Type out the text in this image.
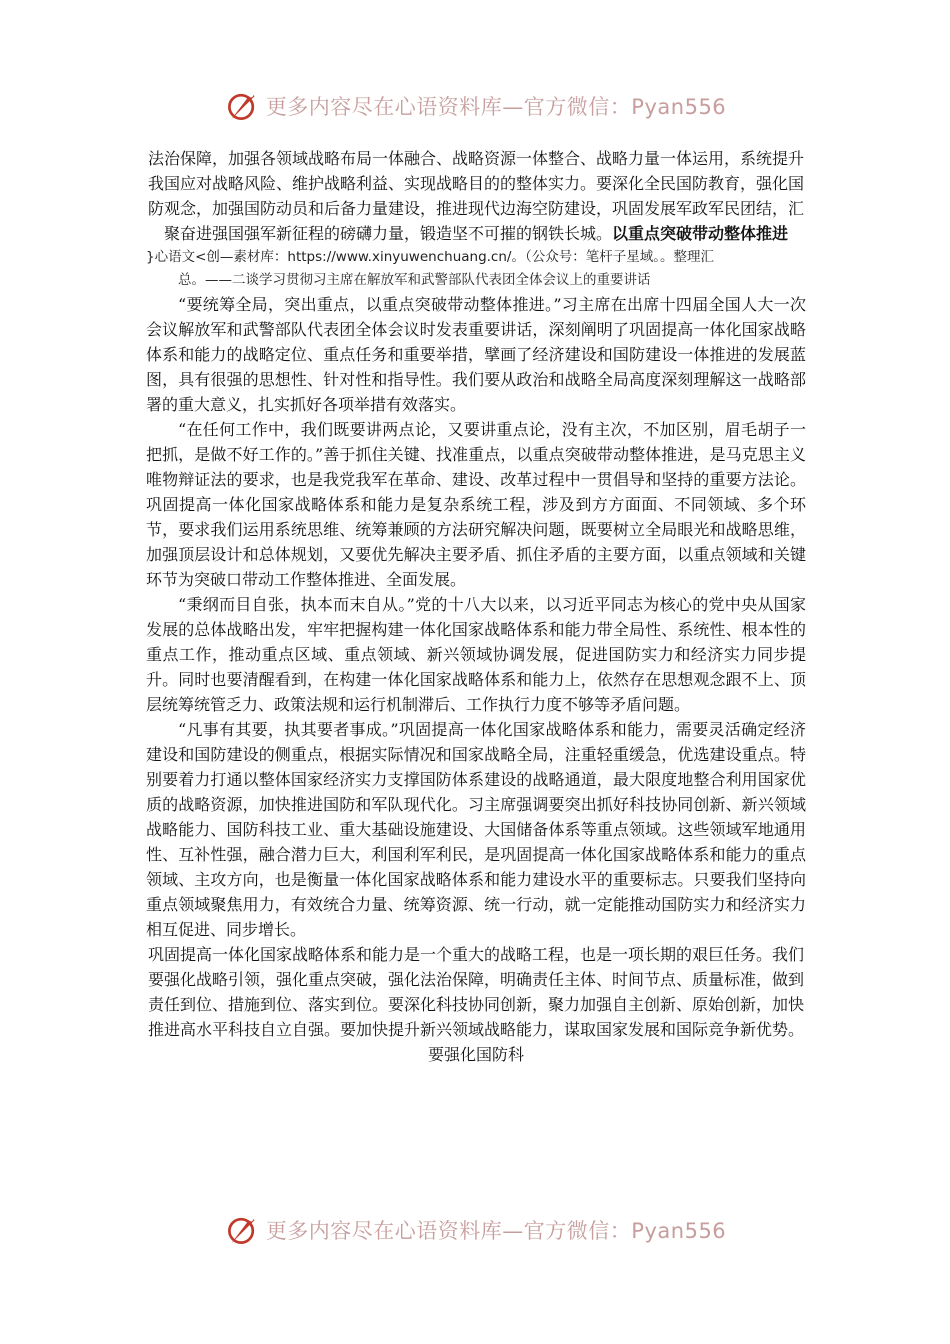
更多内容尽在心语资料库—官方微信：Pyan556

法治保障，加强各领域战略布局一体融合、战略资源一体整合、战略力量一体运用，系统提升我国应对战略风险、维护战略利益、实现战略目的的整体实力。要深化全民国防教育，强化国防观念，加强国防动员和后备力量建设，推进现代边海空防建设，巩固发展军政军民团结，汇聚奋进强国强军新征程的磅礴力量，锻造坚不可摧的钢铁长城。以重点突破带动整体推进

}心语文<创—素材库：https://www.xinyuwenchuang.cn/。（公众号：笔杆子星域。。整理汇

总。——二谈学习贯彻习主席在解放军和武警部队代表团全体会议上的重要讲话

“要统筹全局，突出重点，以重点突破带动整体推进。”习主席在出席十四届全国人大一次会议解放军和武警部队代表团全体会议时发表重要讲话，深刻阐明了巩固提高一体化国家战略体系和能力的战略定位、重点任务和重要举措，擘画了经济建设和国防建设一体推进的发展蓝图，具有很强的思想性、针对性和指导性。我们要从政治和战略全局高度深刻理解这一战略部署的重大意义，扎实抓好各项举措有效落实。

“在任何工作中，我们既要讲两点论，又要讲重点论，没有主次，不加区别，眉毛胡子一把抓，是做不好工作的。”善于抓住关键、找准重点，以重点突破带动整体推进，是马克思主义唯物辩证法的要求，也是我党我军在革命、建设、改革过程中一贯倡导和坚持的重要方法论。巩固提高一体化国家战略体系和能力是复杂系统工程，涉及到方方面面、不同领域、多个环节，要求我们运用系统思维、统筹兼顾的方法研究解决问题，既要树立全局眼光和战略思维，加强顶层设计和总体规划，又要优先解决主要矛盾、抓住矛盾的主要方面，以重点领域和关键环节为突破口带动工作整体推进、全面发展。

“秉纲而目自张，执本而末自从。”党的十八大以来，以习近平同志为核心的党中央从国家发展的总体战略出发，牢牢把握构建一体化国家战略体系和能力带全局性、系统性、根本性的重点工作，推动重点区域、重点领域、新兴领域协调发展，促进国防实力和经济实力同步提升。同时也要清醒看到，在构建一体化国家战略体系和能力上，依然存在思想观念跟不上、顶层统筹统管乏力、政策法规和运行机制滞后、工作执行力度不够等矛盾问题。

“凡事有其要，执其要者事成。”巩固提高一体化国家战略体系和能力，需要灵活确定经济建设和国防建设的侧重点，根据实际情况和国家战略全局，注重轻重缓急，优选建设重点。特别要着力打通以整体国家经济实力支撑国防体系建设的战略通道，最大限度地整合利用国家优质的战略资源，加快推进国防和军队现代化。习主席强调要突出抓好科技协同创新、新兴领域战略能力、国防科技工业、重大基础设施建设、大国储备体系等重点领域。这些领域军地通用性、互补性强，融合潜力巨大，利国利军利民，是巩固提高一体化国家战略体系和能力的重点领域、主攻方向，也是衡量一体化国家战略体系和能力建设水平的重要标志。只要我们坚持向重点领域聚焦用力，有效统合力量、统筹资源、统一行动，就一定能推动国防实力和经济实力相互促进、同步增长。

巩固提高一体化国家战略体系和能力是一个重大的战略工程，也是一项长期的艰巨任务。我们要强化战略引领，强化重点突破，强化法治保障，明确责任主体、时间节点、质量标准，做到责任到位、措施到位、落实到位。要深化科技协同创新，聚力加强自主创新、原始创新，加快推进高水平科技自立自强。要加快提升新兴领域战略能力，谋取国家发展和国际竞争新优势。要强化国防科

更多内容尽在心语资料库—官方微信：Pyan556
